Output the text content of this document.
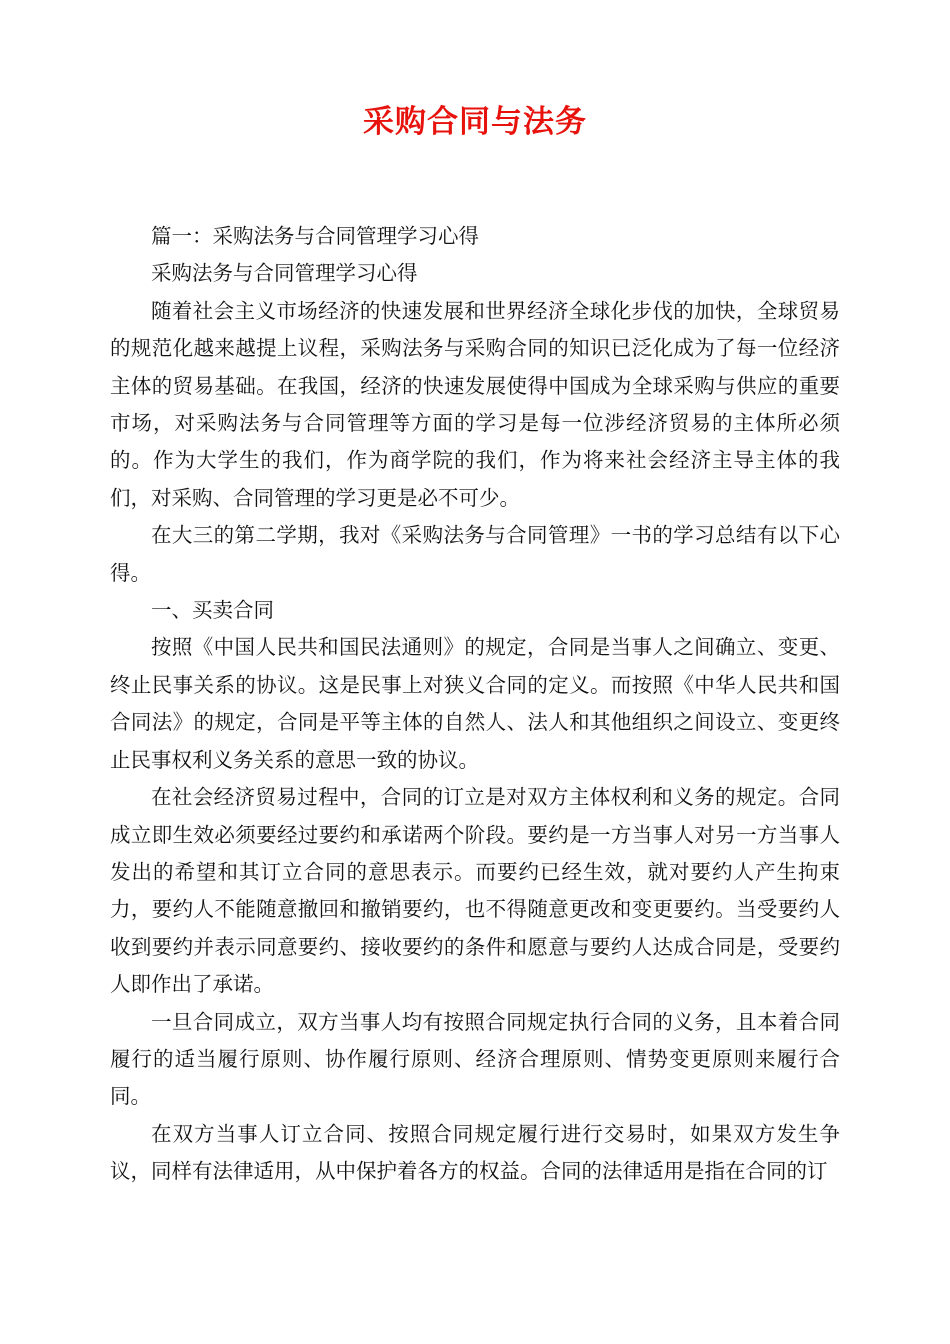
采购合同与法务

篇一：采购法务与合同管理学习心得

采购法务与合同管理学习心得

随着社会主义市场经济的快速发展和世界经济全球化步伐的加快，全球贸易的规范化越来越提上议程，采购法务与采购合同的知识已泛化成为了每一位经济主体的贸易基础。在我国，经济的快速发展使得中国成为全球采购与供应的重要市场，对采购法务与合同管理等方面的学习是每一位涉经济贸易的主体所必须的。作为大学生的我们，作为商学院的我们，作为将来社会经济主导主体的我们，对采购、合同管理的学习更是必不可少。

在大三的第二学期，我对《采购法务与合同管理》一书的学习总结有以下心得。

一、买卖合同

按照《中国人民共和国民法通则》的规定，合同是当事人之间确立、变更、终止民事关系的协议。这是民事上对狭义合同的定义。而按照《中华人民共和国合同法》的规定，合同是平等主体的自然人、法人和其他组织之间设立、变更终止民事权利义务关系的意思一致的协议。

在社会经济贸易过程中，合同的订立是对双方主体权利和义务的规定。合同成立即生效必须要经过要约和承诺两个阶段。要约是一方当事人对另一方当事人发出的希望和其订立合同的意思表示。而要约已经生效，就对要约人产生拘束力，要约人不能随意撤回和撤销要约，也不得随意更改和变更要约。当受要约人收到要约并表示同意要约、接收要约的条件和愿意与要约人达成合同是，受要约人即作出了承诺。

一旦合同成立，双方当事人均有按照合同规定执行合同的义务，且本着合同履行的适当履行原则、协作履行原则、经济合理原则、情势变更原则来履行合同。

在双方当事人订立合同、按照合同规定履行进行交易时，如果双方发生争议，同样有法律适用，从中保护着各方的权益。合同的法律适用是指在合同的订
